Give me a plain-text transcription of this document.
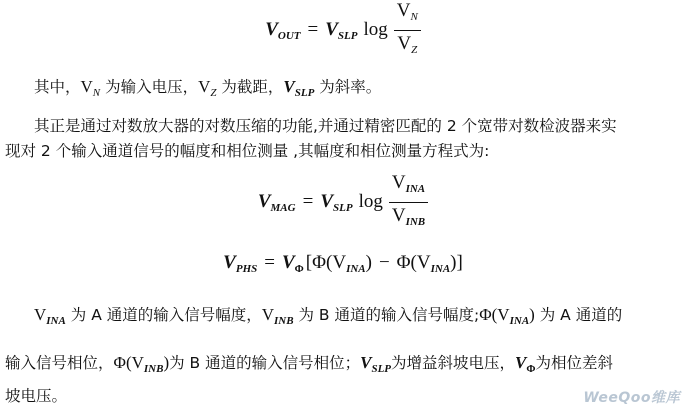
$V_{OUT} = V_{SLP}$ $\log \frac{V_N}{V_Z}$
其中，$V_N$ 为输入电压，$V_Z$ 为截距，$V_{SLP}$ 为斜率。
其正是通过对数放大器的对数压缩的功能,并通过精密匹配的 2 个宽带对数检波器来实
现对 2 个输入通道信号的幅度和相位测量 ,其幅度和相位测量方程式为:
$V_{MAG} = V_{SLP}$ $\log \frac{V_{INA}}{V_{INB}}$
$V_{PHS} = V_\Phi$ [ $\Phi(V_{INA}) - \Phi(V_{INA})$ ]
$V_{INA}$ 为 A 通道的输入信号幅度，$V_{INB}$ 为 B 通道的输入信号幅度$;\Phi(V_{INA})$ 为 A 通道的
输入信号相位，$\Phi(V_{INB})$为 B 通道的输入信号相位；$V_{SLP}$为增益斜坡电压，$V_\Phi$为相位差斜
坡电压。	WeeQoo维库
